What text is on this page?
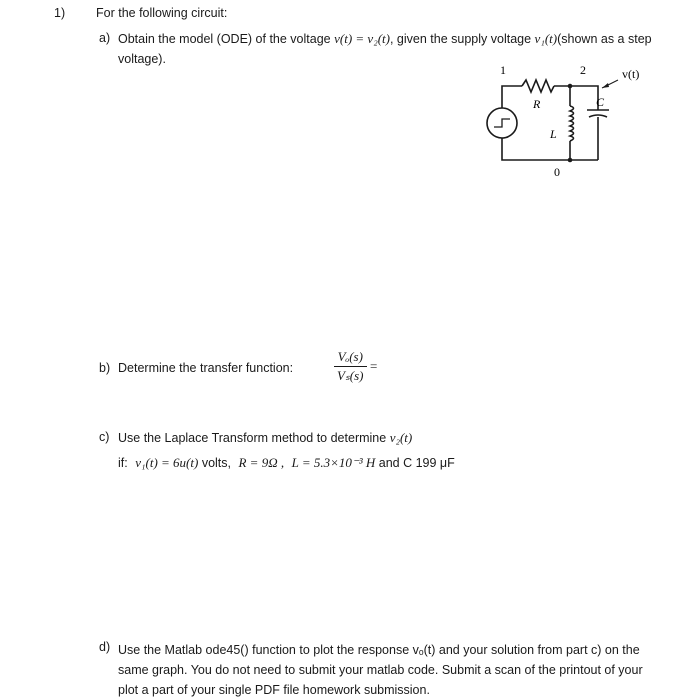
1) For the following circuit:
a) Obtain the model (ODE) of the voltage v(t) = v₂(t), given the supply voltage v₁(t)(shown as a step
voltage).
1	2
0
R
L
C
v(t)
b) Determine the transfer function:	$\frac{\text{Vₒ(s)}}{\text{Vₛ(s)}}$ =
c) Use the Laplace Transform method to determine v₂(t)
if: v₁(t) = 6u(t) volts, R = 9Ω , L = 5.3×10⁻³ H and C 199 μF
d) Use the Matlab ode45() function to plot the response vₒ(t) and your solution from part c) on the same graph. You do not need to submit your matlab code. Submit a scan of the printout of your plot a part of your single PDF file homework submission.
